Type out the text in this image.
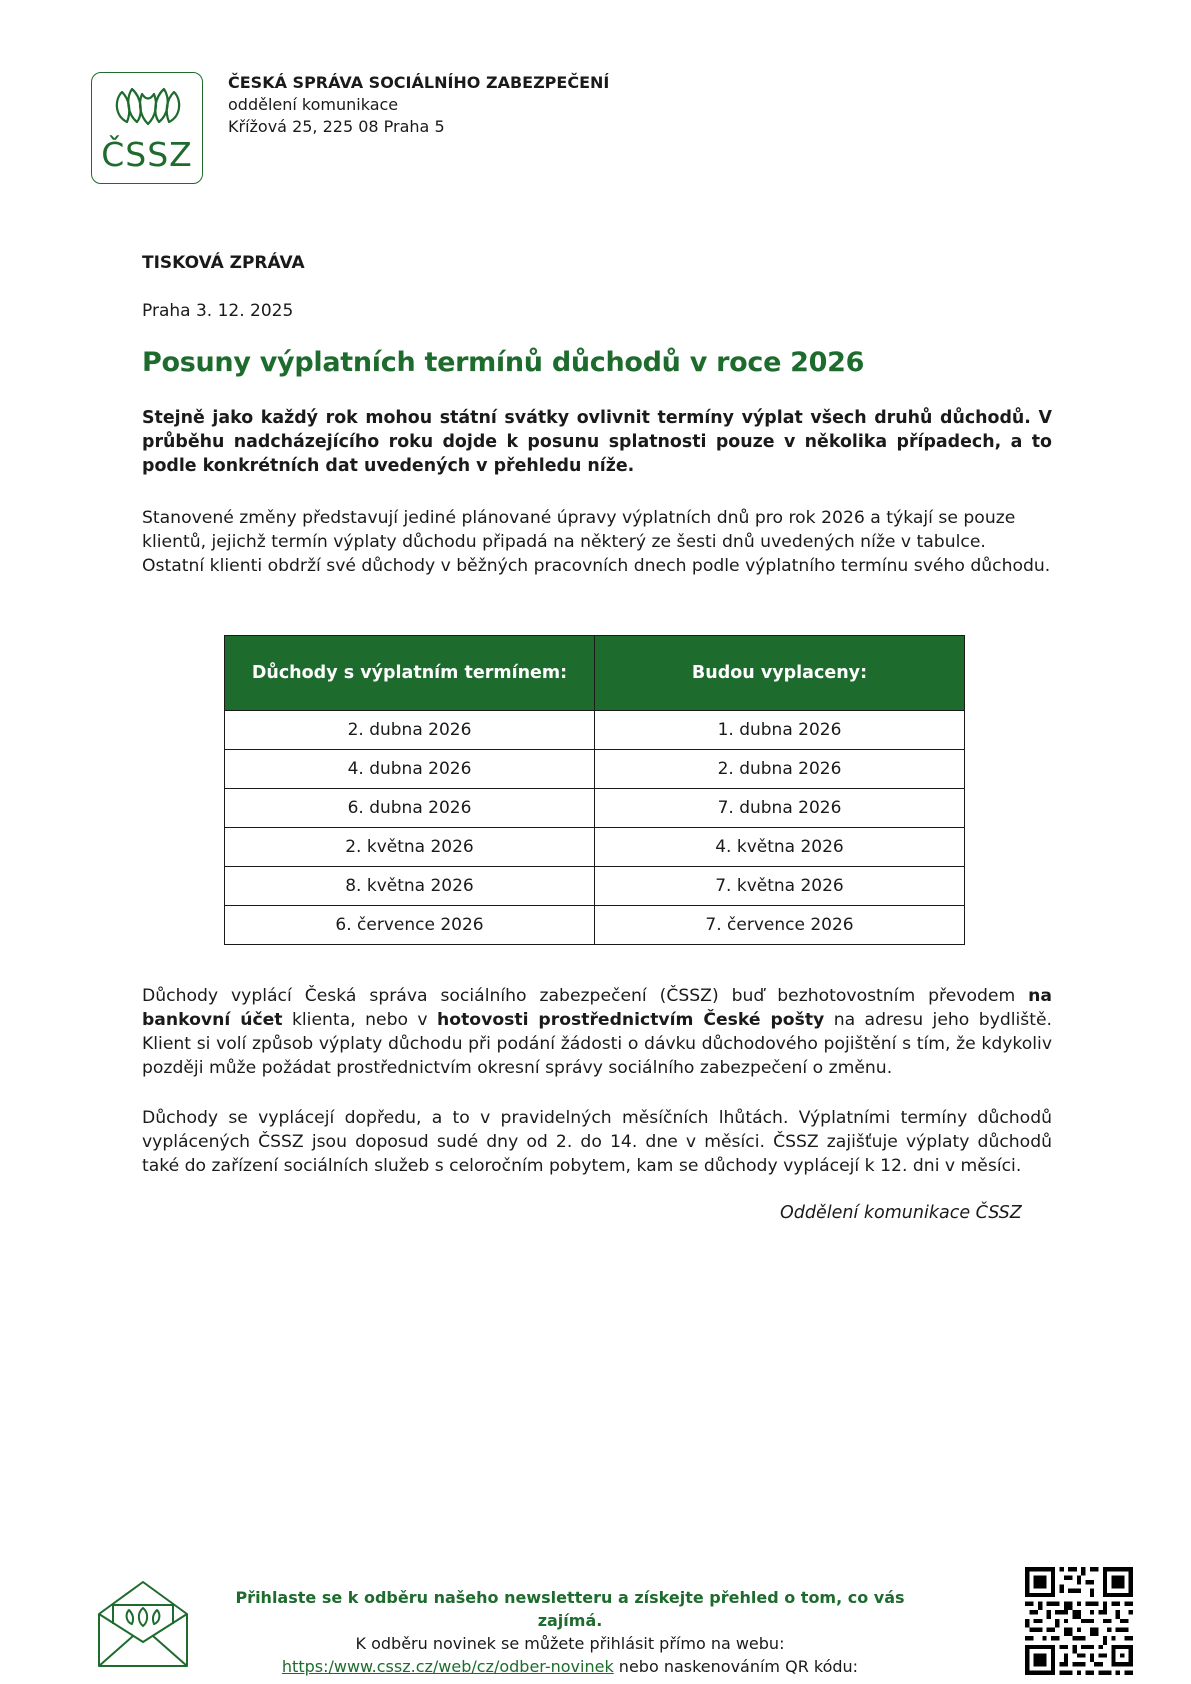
ČSSZ
ČESKÁ SPRÁVA SOCIÁLNÍHO ZABEZPEČENÍ
oddělení komunikace
Křížová 25, 225 08 Praha 5
TISKOVÁ ZPRÁVA
Praha 3. 12. 2025
Posuny výplatních termínů důchodů v roce 2026

Stejně jako každý rok mohou státní svátky ovlivnit termíny výplat všech druhů důchodů. V průběhu nadcházejícího roku dojde k posunu splatnosti pouze v několika případech, a to podle konkrétních dat uvedených v přehledu níže.

Stanovené změny představují jediné plánované úpravy výplatních dnů pro rok 2026 a týkají se pouze klientů, jejichž termín výplaty důchodu připadá na některý ze šesti dnů uvedených níže v tabulce. Ostatní klienti obdrží své důchody v běžných pracovních dnech podle výplatního termínu svého důchodu.

Důchody s výplatním termínem:	Budou vyplaceny:
2. dubna 2026	1. dubna 2026
4. dubna 2026	2. dubna 2026
6. dubna 2026	7. dubna 2026
2. května 2026	4. května 2026
8. května 2026	7. května 2026
6. července 2026	7. července 2026

Důchody vyplácí Česká správa sociálního zabezpečení (ČSSZ) buď bezhotovostním převodem na bankovní účet klienta, nebo v hotovosti prostřednictvím České pošty na adresu jeho bydliště. Klient si volí způsob výplaty důchodu při podání žádosti o dávku důchodového pojištění s tím, že kdykoliv později může požádat prostřednictvím okresní správy sociálního zabezpečení o změnu.

Důchody se vyplácejí dopředu, a to v pravidelných měsíčních lhůtách. Výplatními termíny důchodů vyplácených ČSSZ jsou doposud sudé dny od 2. do 14. dne v měsíci. ČSSZ zajišťuje výplaty důchodů také do zařízení sociálních služeb s celoročním pobytem, kam se důchody vyplácejí k 12. dni v měsíci.

Oddělení komunikace ČSSZ
Přihlaste se k odběru našeho newsletteru a získejte přehled o tom, co vás zajímá.
K odběru novinek se můžete přihlásit přímo na webu:
https:/www.cssz.cz/web/cz/odber-novinek nebo naskenováním QR kódu:
